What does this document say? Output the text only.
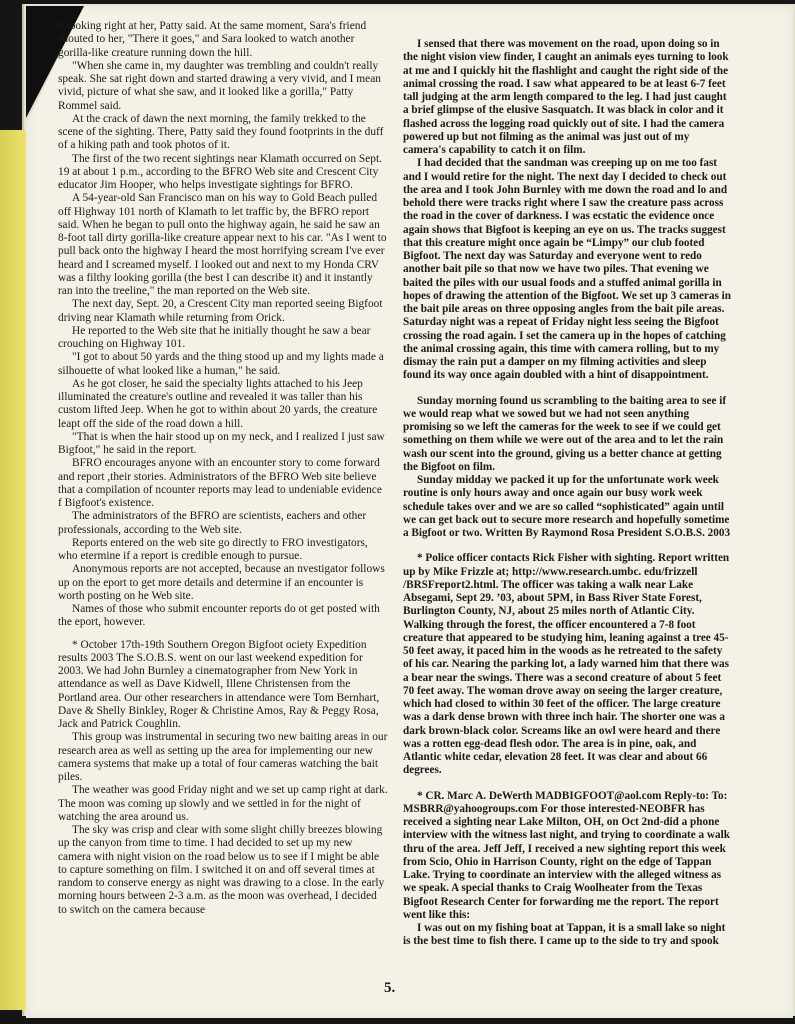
d looking right at her, Patty said. At the same moment, Sara's friend shouted to her, "There it goes," and Sara looked to watch another gorilla-like creature running down the hill.

"When she came in, my daughter was trembling and couldn't really speak. She sat right down and started drawing a very vivid, and I mean vivid, picture of what she saw, and it looked like a gorilla," Patty Rommel said.

At the crack of dawn the next morning, the family trekked to the scene of the sighting. There, Patty said they found footprints in the duff of a hiking path and took photos of it.

The first of the two recent sightings near Klamath occurred on Sept. 19 at about 1 p.m., according to the BFRO Web site and Crescent City educator Jim Hooper, who helps investigate sightings for BFRO.

A 54-year-old San Francisco man on his way to Gold Beach pulled off Highway 101 north of Klamath to let traffic by, the BFRO report said. When he began to pull onto the highway again, he said he saw an 8-foot tall dirty gorilla-like creature appear next to his car. "As I went to pull back onto the highway I heard the most horrifying scream I've ever heard and I screamed myself. I looked out and next to my Honda CRV was a filthy looking gorilla (the best I can describe it) and it instantly ran into the treeline," the man reported on the Web site.

The next day, Sept. 20, a Crescent City man reported seeing Bigfoot driving near Klamath while returning from Orick.

He reported to the Web site that he initially thought he saw a bear crouching on Highway 101.

"I got to about 50 yards and the thing stood up and my lights made a silhouette of what looked like a human," he said.

As he got closer, he said the specialty lights attached to his Jeep illuminated the creature's outline and revealed it was taller than his custom lifted Jeep. When he got to within about 20 yards, the creature leapt off the side of the road down a hill.

"That is when the hair stood up on my neck, and I realized I just saw Bigfoot," he said in the report.

BFRO encourages anyone with an encounter story to come forward and report ,their stories. Administrators of the BFRO Web site believe that a compilation of ncounter reports may lead to undeniable evidence f Bigfoot's existence.

The administrators of the BFRO are scientists, eachers and other professionals, according to the Web site.

Reports entered on the web site go directly to FRO investigators, who etermine if a report is credible enough to pursue.

Anonymous reports are not accepted, because an nvestigator follows up on the eport to get more details and determine if an encounter is worth posting on he Web site.

Names of those who submit encounter reports do ot get posted with the eport, however.

* October 17th-19th Southern Oregon Bigfoot ociety Expedition results 2003 The S.O.B.S. went on our last weekend expedition for 2003. We had John Burnley a cinematographer from New York in attendance as well as Dave Kidwell, Illene Christensen from the Portland area. Our other researchers in attendance were Tom Bernhart, Dave & Shelly Binkley, Roger & Christine Amos, Ray & Peggy Rosa, Jack and Patrick Coughlin.

This group was instrumental in securing two new baiting areas in our research area as well as setting up the area for implementing our new camera systems that make up a total of four cameras watching the bait piles.

The weather was good Friday night and we set up camp right at dark. The moon was coming up slowly and we settled in for the night of watching the area around us.

The sky was crisp and clear with some slight chilly breezes blowing up the canyon from time to time. I had decided to set up my new camera with night vision on the road below us to see if I might be able to capture something on film. I switched it on and off several times at random to conserve energy as night was drawing to a close. In the early morning hours between 2-3 a.m. as the moon was overhead, I decided to switch on the camera because

I sensed that there was movement on the road, upon doing so in the night vision view finder, I caught an animals eyes turning to look at me and I quickly hit the flashlight and caught the right side of the animal crossing the road. I saw what appeared to be at least 6-7 feet tall judging at the arm length compared to the leg. I had just caught a brief glimpse of the elusive Sasquatch. It was black in color and it flashed across the logging road quickly out of site. I had the camera powered up but not filming as the animal was just out of my camera's capability to catch it on film.

I had decided that the sandman was creeping up on me too fast and I would retire for the night. The next day I decided to check out the area and I took John Burnley with me down the road and lo and behold there were tracks right where I saw the creature pass across the road in the cover of darkness. I was ecstatic the evidence once again shows that Bigfoot is keeping an eye on us. The tracks suggest that this creature might once again be “Limpy” our club footed Bigfoot. The next day was Saturday and everyone went to redo another bait pile so that now we have two piles. That evening we baited the piles with our usual foods and a stuffed animal gorilla in hopes of drawing the attention of the Bigfoot. We set up 3 cameras in the bait pile areas on three opposing angles from the bait pile areas. Saturday night was a repeat of Friday night less seeing the Bigfoot crossing the road again. I set the camera up in the hopes of catching the animal crossing again, this time with camera rolling, but to my dismay the rain put a damper on my filming activities and sleep found its way once again doubled with a hint of disappointment.

Sunday morning found us scrambling to the baiting area to see if we would reap what we sowed but we had not seen anything promising so we left the cameras for the week to see if we could get something on them while we were out of the area and to let the rain wash our scent into the ground, giving us a better chance at getting the Bigfoot on film.

Sunday midday we packed it up for the unfortunate work week routine is only hours away and once again our busy work week schedule takes over and we are so called “sophisticated” again until we can get back out to secure more research and hopefully sometime a Bigfoot or two. Written By Raymond Rosa President S.O.B.S. 2003

* Police officer contacts Rick Fisher with sighting. Report written up by Mike Frizzle at; http://www.research.umbc. edu/frizzell /BRSFreport2.html. The officer was taking a walk near Lake Absegami, Sept 29. ’03, about 5PM, in Bass River State Forest, Burlington County, NJ, about 25 miles north of Atlantic City. Walking through the forest, the officer encountered a 7-8 foot creature that appeared to be studying him, leaning against a tree 45-50 feet away, it paced him in the woods as he retreated to the safety of his car. Nearing the parking lot, a lady warned him that there was a bear near the swings. There was a second creature of about 5 feet 70 feet away. The woman drove away on seeing the larger creature, which had closed to within 30 feet of the officer. The large creature was a dark dense brown with three inch hair. The shorter one was a dark brown-black color. Screams like an owl were heard and there was a rotten egg-dead flesh odor. The area is in pine, oak, and Atlantic white cedar, elevation 28 feet. It was clear and about 66 degrees.

* CR. Marc A. DeWerth MADBIGFOOT@aol.com Reply-to: To: MSBRR@yahoogroups.com For those interested-NEOBFR has received a sighting near Lake Milton, OH, on Oct 2nd-did a phone interview with the witness last night, and trying to coordinate a walk thru of the area. Jeff Jeff, I received a new sighting report this week from Scio, Ohio in Harrison County, right on the edge of Tappan Lake. Trying to coordinate an interview with the alleged witness as we speak. A special thanks to Craig Woolheater from the Texas Bigfoot Research Center for forwarding me the report. The report went like this:

I was out on my fishing boat at Tappan, it is a small lake so night is the best time to fish there. I came up to the side to try and spook

5.
